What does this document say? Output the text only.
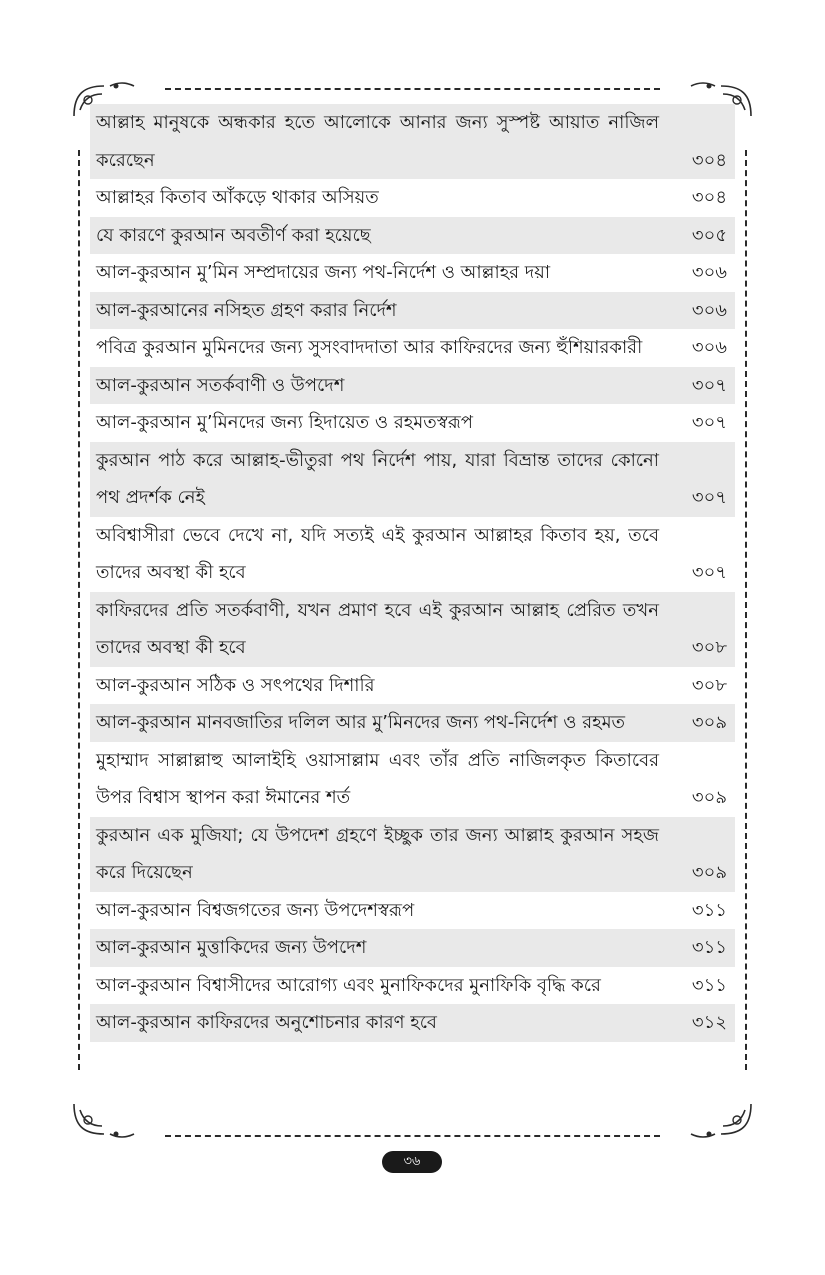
আল্লাহ মানুষকে অন্ধকার হতে আলোকে আনার জন্য সুস্পষ্ট আয়াত নাজিল করেছেন	৩০৪
আল্লাহর কিতাব আঁকড়ে থাকার অসিয়ত	৩০৪
যে কারণে কুরআন অবতীর্ণ করা হয়েছে	৩০৫
আল-কুরআন মু’মিন সম্প্রদায়ের জন্য পথ-নির্দেশ ও আল্লাহর দয়া	৩০৬
আল-কুরআনের নসিহত গ্রহণ করার নির্দেশ	৩০৬
পবিত্র কুরআন মুমিনদের জন্য সুসংবাদদাতা আর কাফিরদের জন্য হুঁশিয়ারকারী	৩০৬
আল-কুরআন সতর্কবাণী ও উপদেশ	৩০৭
আল-কুরআন মু’মিনদের জন্য হিদায়েত ও রহমতস্বরূপ	৩০৭
কুরআন পাঠ করে আল্লাহ-ভীতুরা পথ নির্দেশ পায়, যারা বিভ্রান্ত তাদের কোনো পথ প্রদর্শক নেই	৩০৭
অবিশ্বাসীরা ভেবে দেখে না, যদি সত্যই এই কুরআন আল্লাহর কিতাব হয়, তবে তাদের অবস্থা কী হবে	৩০৭
কাফিরদের প্রতি সতর্কবাণী, যখন প্রমাণ হবে এই কুরআন আল্লাহ প্রেরিত তখন তাদের অবস্থা কী হবে	৩০৮
আল-কুরআন সঠিক ও সৎপথের দিশারি	৩০৮
আল-কুরআন মানবজাতির দলিল আর মু’মিনদের জন্য পথ-নির্দেশ ও রহমত	৩০৯
মুহাম্মাদ সাল্লাল্লাহু আলাইহি ওয়াসাল্লাম এবং তাঁর প্রতি নাজিলকৃত কিতাবের উপর বিশ্বাস স্থাপন করা ঈমানের শর্ত	৩০৯
কুরআন এক মুজিযা; যে উপদেশ গ্রহণে ইচ্ছুক তার জন্য আল্লাহ কুরআন সহজ করে দিয়েছেন	৩০৯
আল-কুরআন বিশ্বজগতের জন্য উপদেশস্বরূপ	৩১১
আল-কুরআন মুত্তাকিদের জন্য উপদেশ	৩১১
আল-কুরআন বিশ্বাসীদের আরোগ্য এবং মুনাফিকদের মুনাফিকি বৃদ্ধি করে	৩১১
আল-কুরআন কাফিরদের অনুশোচনার কারণ হবে	৩১২
৩৬
